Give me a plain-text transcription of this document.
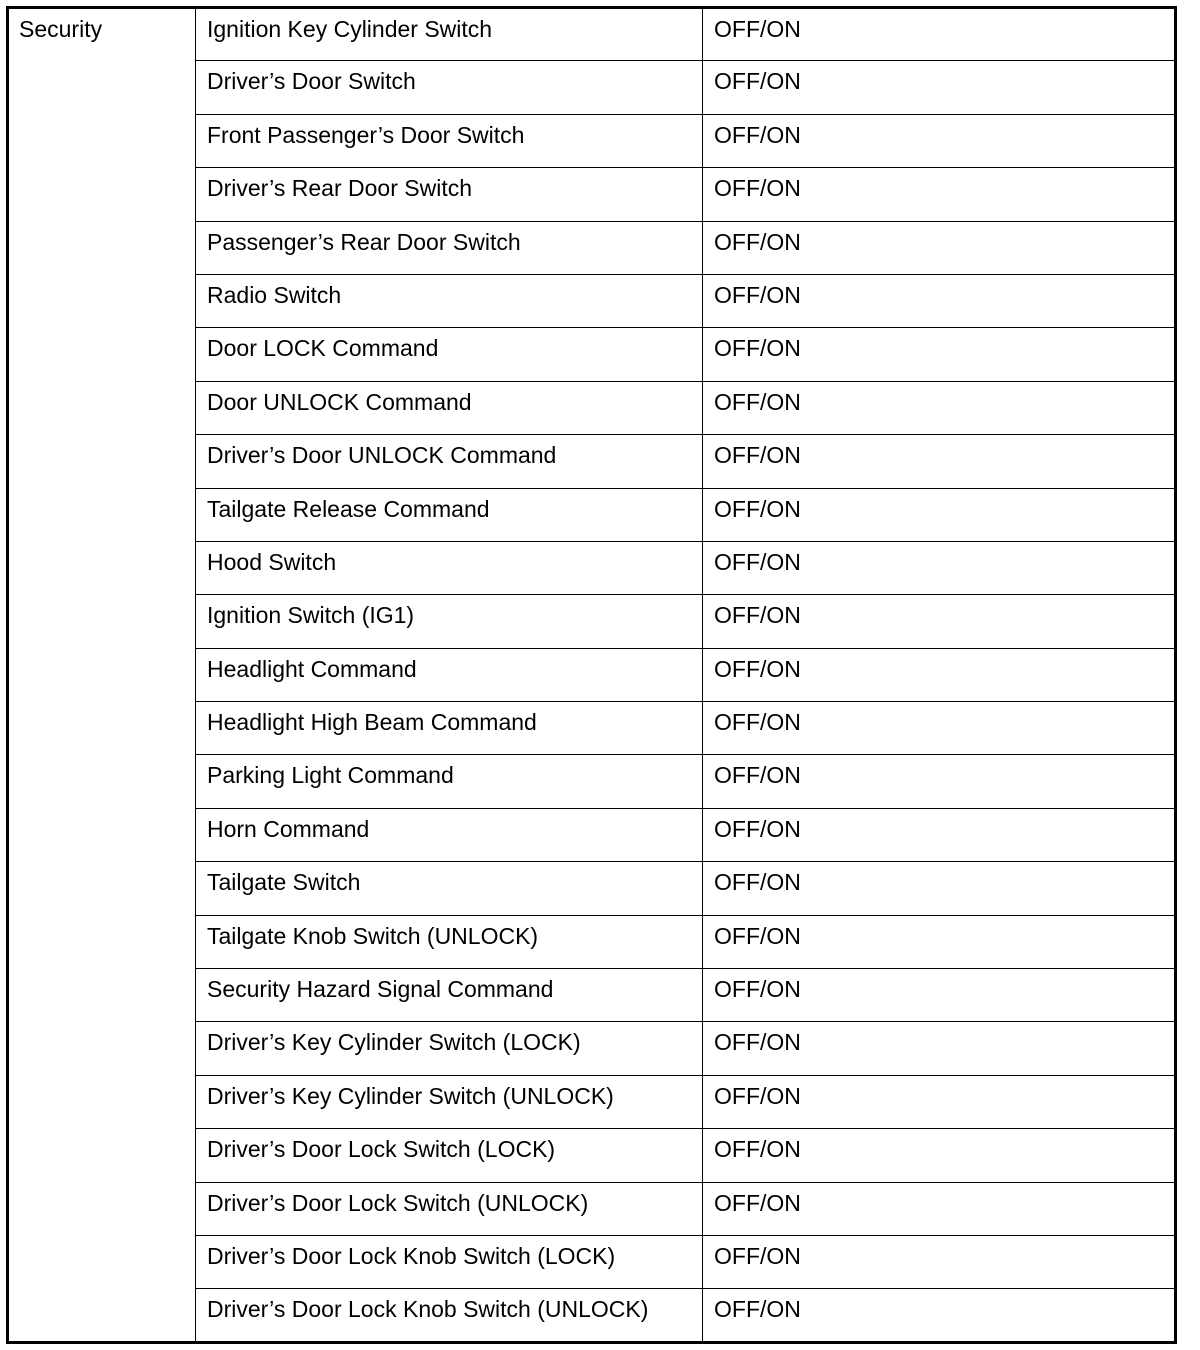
Security	Ignition Key Cylinder Switch	OFF/ON
	Driver’s Door Switch	OFF/ON
	Front Passenger’s Door Switch	OFF/ON
	Driver’s Rear Door Switch	OFF/ON
	Passenger’s Rear Door Switch	OFF/ON
	Radio Switch	OFF/ON
	Door LOCK Command	OFF/ON
	Door UNLOCK Command	OFF/ON
	Driver’s Door UNLOCK Command	OFF/ON
	Tailgate Release Command	OFF/ON
	Hood Switch	OFF/ON
	Ignition Switch (IG1)	OFF/ON
	Headlight Command	OFF/ON
	Headlight High Beam Command	OFF/ON
	Parking Light Command	OFF/ON
	Horn Command	OFF/ON
	Tailgate Switch	OFF/ON
	Tailgate Knob Switch (UNLOCK)	OFF/ON
	Security Hazard Signal Command	OFF/ON
	Driver’s Key Cylinder Switch (LOCK)	OFF/ON
	Driver’s Key Cylinder Switch (UNLOCK)	OFF/ON
	Driver’s Door Lock Switch (LOCK)	OFF/ON
	Driver’s Door Lock Switch (UNLOCK)	OFF/ON
	Driver’s Door Lock Knob Switch (LOCK)	OFF/ON
	Driver’s Door Lock Knob Switch (UNLOCK)	OFF/ON
